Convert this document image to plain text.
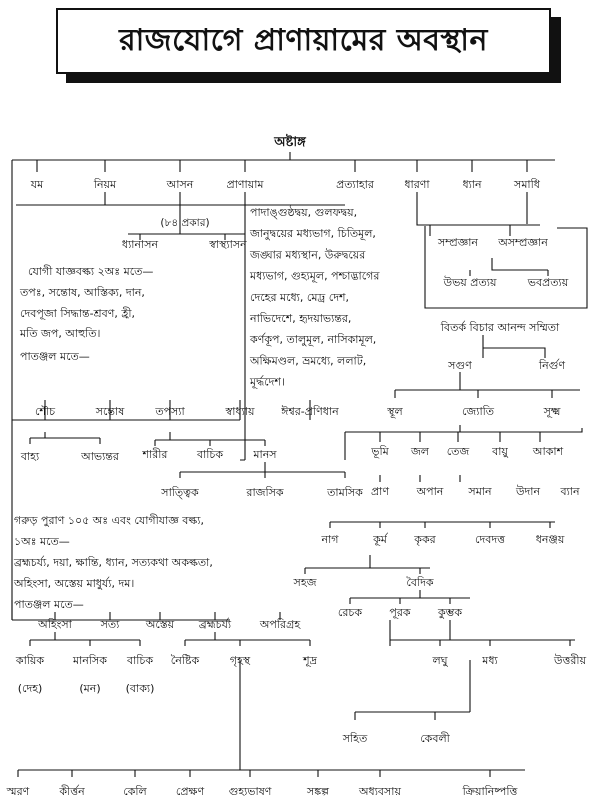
রাজযোগে প্রাণায়ামের অবস্থান
অষ্টাঙ্গ
যম	নিয়ম	আসন	প্রাণায়াম	প্রত্যাহার	ধারণা	ধ্যান	সমাধি
(৮৪ প্রকার)
ধ্যানাসন	স্বাস্থ্যাসন
যোগী যাজ্ঞবল্ক্য ২অঃ মতে—
তপঃ, সন্তোষ, আস্তিক্য, দান,
দেবপূজা সিদ্ধান্ত-শ্রবণ, হ্রী,
মতি জপ, আহুতি।
পাতঞ্জল মতে—
পাদাঙ্গুষ্ঠদ্বয়, গুলফদ্বয়,
জানুদ্বয়ের মধ্যভাগ, চিতিমূল,
জঙ্ঘার মধ্যস্থান, উরুদ্বয়ের
মধ্যভাগ, গুহ্যমূল, পশ্চাদ্ভাগের
দেহের মধ্যে, মেঢ্র দেশ,
নাভিদেশে, হৃদয়াভ্যন্তর,
কর্ণকূপ, তালুমূল, নাসিকামূল,
অক্ষিমণ্ডল, ভ্রমধ্যে, ললাট,
মূর্দ্ধদেশ।
সম্প্রজ্ঞান অসম্প্রজ্ঞান
উভয় প্রত্যয়	ভবপ্রত্যয়
বিতর্ক বিচার আনন্দ সম্মিতা
সগুণ	নির্গুণ
স্থূল	জ্যোতি	সূক্ষ্ম
ভূমি জল তেজ বায়ু আকাশ
প্রাণ	অপান সমান উদান ব্যান
শৌচ	সন্তোষ	তপস্যা	স্বাধ্যায় ঈশ্বর-প্রণিধান
বাহ্য	আভ্যন্তর শারীর	বাচিক	মানস
সাত্ত্বিক	রাজসিক	তামসিক
গরুড় পুরাণ ১০৫ অঃ এবং যোগীযাজ্ঞ বল্ক্য,
১অঃ মতে—
ব্রহ্মচর্য্য, দয়া, ক্ষান্তি, ধ্যান, সত্যকথা অকল্কতা,
অহিংসা, অস্তেয় মাধুর্য্য, দম।
পাতঞ্জল মতে—
নাগ	কূর্ম কৃকর	দেবদত্ত	ধনঞ্জয়
সহজ	বৈদিক
রেচক পূরক কুম্ভক
লঘু	মধ্য	উত্তরীয়
সহিত	কেবলী
অহিংসা	সত্য অস্তেয় ব্রহ্মচর্য্য	অপরিগ্রহ
কায়িক	মানসিক বাচিক
(দেহ)	(মন) (বাক্য)
নৈষ্টিক	গৃহস্থ	শূদ্র
স্মরণ	কীর্ত্তন	কেলি	প্রেক্ষণ গুহ্যভাষণ	সঙ্কল্প	অধ্যবসায়	ক্রিয়ানিষ্পত্তি
